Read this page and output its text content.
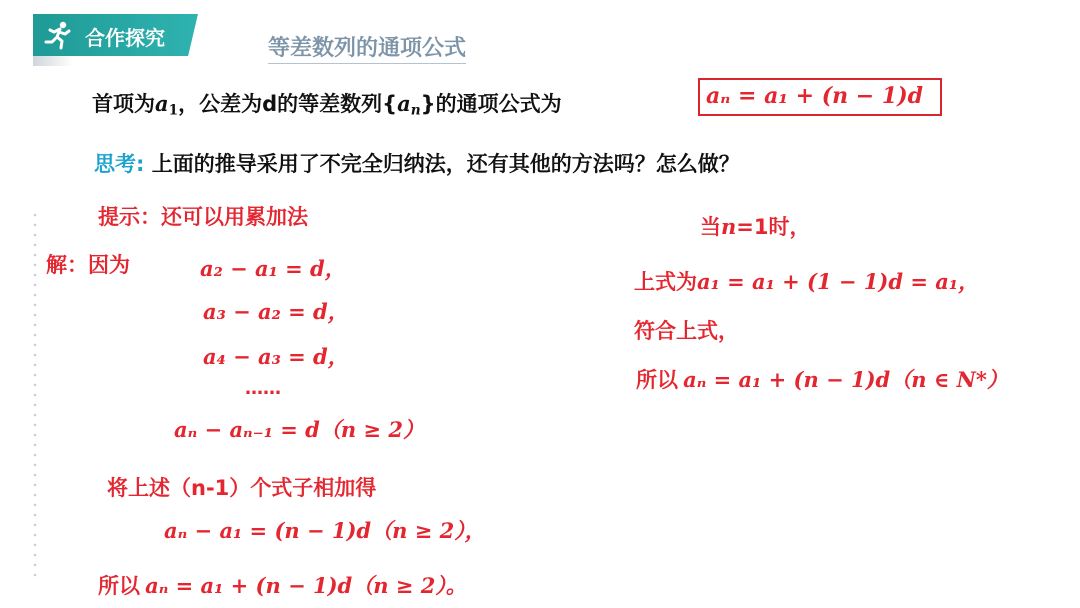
合作探究	等差数列的通项公式
首项为$a_1$，公差为d的等差数列$\{a_n\}$的通项公式为	aₙ = a₁ + (n − 1)d
思考: 上面的推导采用了不完全归纳法，还有其他的方法吗？怎么做？
提示：还可以用累加法
解：因为	a₂ − a₁ = d，
a₃ − a₂ = d，
a₄ − a₃ = d，
……
aₙ − aₙ₋₁ = d（n ≥ 2）
将上述（n-1）个式子相加得
aₙ − a₁ = (n − 1)d（n ≥ 2），
所以 aₙ = a₁ + (n − 1)d（n ≥ 2）。
当n=1时，
上式为a₁ = a₁ + (1 − 1)d = a₁，
符合上式，
所以 aₙ = a₁ + (n − 1)d（n ∈ N*）
